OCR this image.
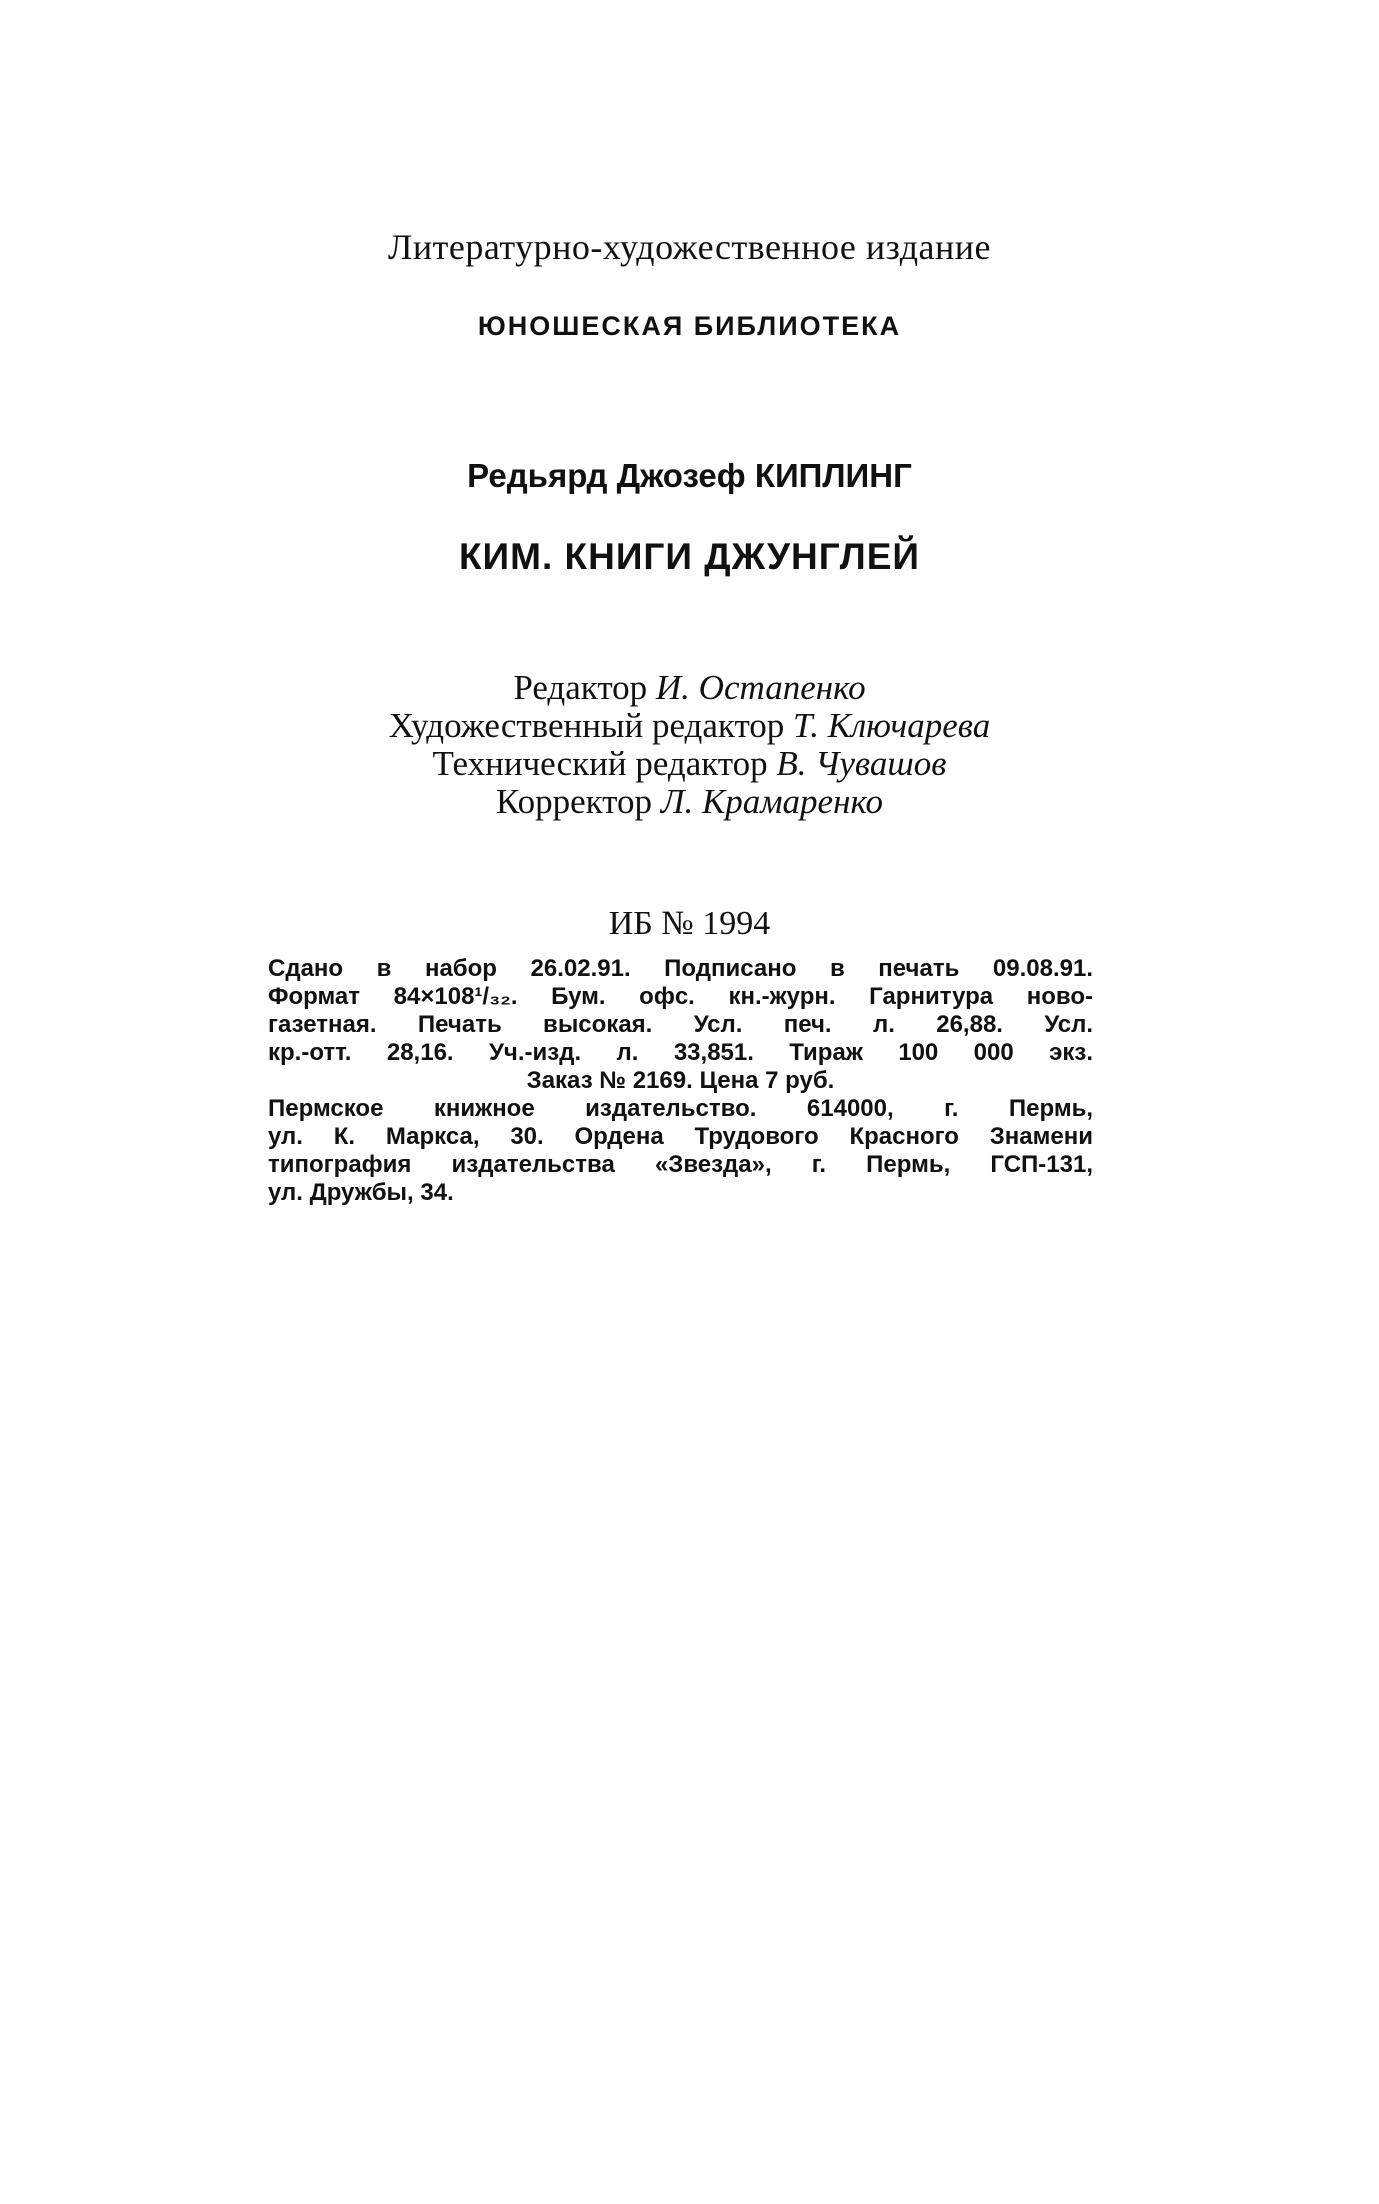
Литературно-художественное издание

ЮНОШЕСКАЯ БИБЛИОТЕКА

Редьярд Джозеф КИПЛИНГ

КИМ. КНИГИ ДЖУНГЛЕЙ

Редактор И. Остапенко
Художественный редактор Т. Ключарева
Технический редактор В. Чувашов
Корректор Л. Крамаренко

ИБ № 1994

Сдано в набор 26.02.91. Подписано в печать 09.08.91.
Формат 84×108¹/₃₂. Бум. офс. кн.-журн. Гарнитура ново-
газетная. Печать высокая. Усл. печ. л. 26,88. Усл.
кр.-отт. 28,16. Уч.-изд. л. 33,851. Тираж 100 000 экз.
Заказ № 2169. Цена 7 руб.
Пермское книжное издательство. 614000, г. Пермь,
ул. К. Маркса, 30. Ордена Трудового Красного Знамени
типография издательства «Звезда», г. Пермь, ГСП-131,
ул. Дружбы, 34.
